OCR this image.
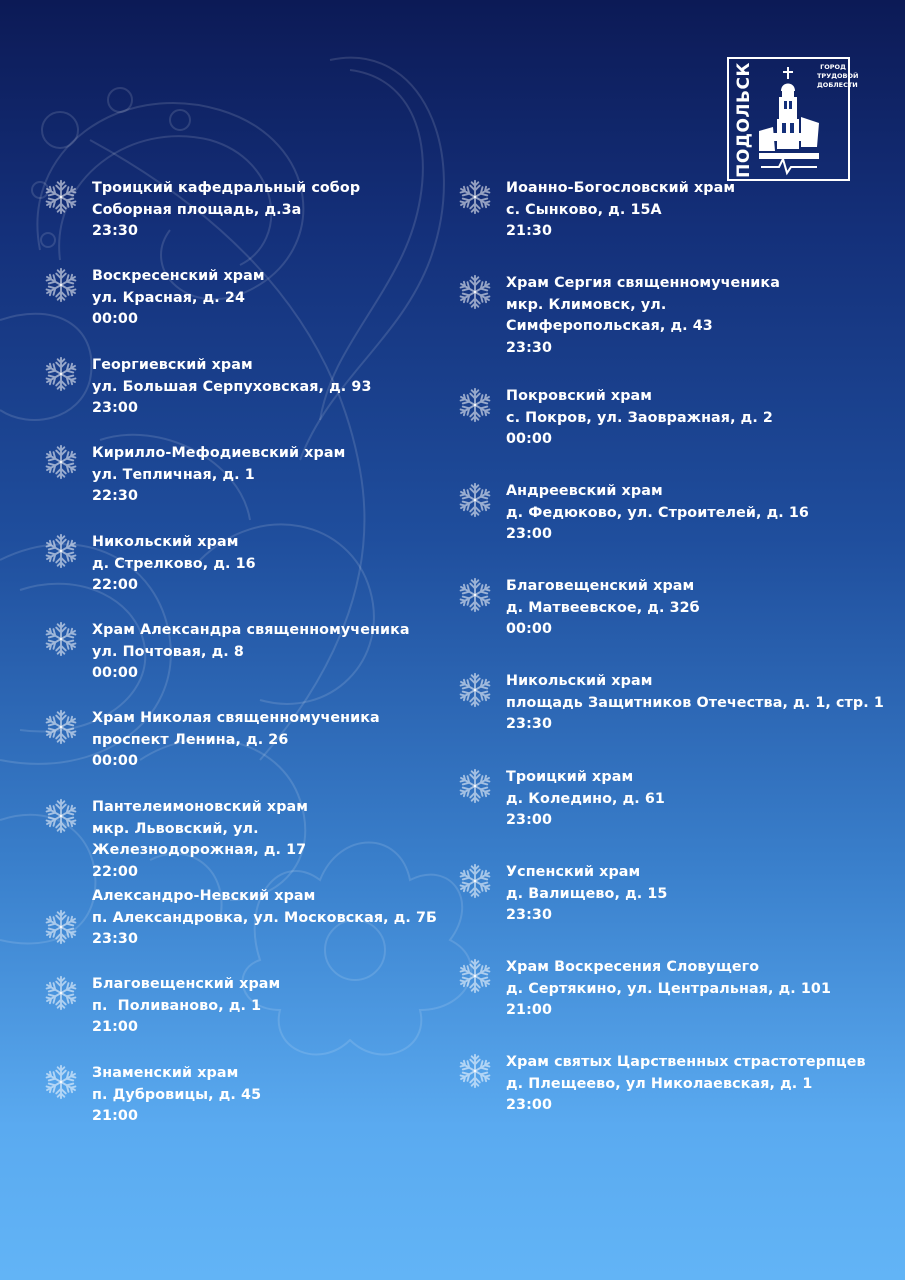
ПОДОЛЬСК	ГОРОД ТРУДОВОЙ ДОБЛЕСТИ
Троицкий кафедральный собор
Соборная площадь, д.3а
23:30
Воскресенский храм
ул. Красная, д. 24
00:00
Георгиевский храм
ул. Большая Серпуховская, д. 93
23:00
Кирилло-Мефодиевский храм
ул. Тепличная, д. 1
22:30
Никольский храм
д. Стрелково, д. 16
22:00
Храм Александра священномученика
ул. Почтовая, д. 8
00:00
Храм Николая священномученика
проспект Ленина, д. 26
00:00
Пантелеимоновский храм
мкр. Львовский, ул. Железнодорожная, д. 17
22:00
Александро-Невский храм
п. Александровка, ул. Московская, д. 7Б
23:30
Благовещенский храм
п.  Поливаново, д. 1
21:00
Знаменский храм
п. Дубровицы, д. 45
21:00
Иоанно-Богословский храм
с. Сынково, д. 15А
21:30
Храм Сергия священномученика
мкр. Климовск, ул. Симферопольская, д. 43
23:30
Покровский храм
с. Покров, ул. Заовражная, д. 2
00:00
Андреевский храм
д. Федюково, ул. Строителей, д. 16
23:00
Благовещенский храм
д. Матвеевское, д. 32б
00:00
Никольский храм
площадь Защитников Отечества, д. 1, стр. 1
23:30
Троицкий храм
д. Коледино, д. 61
23:00
Успенский храм
д. Валищево, д. 15
23:30
Храм Воскресения Словущего
д. Сертякино, ул. Центральная, д. 101
21:00
Храм святых Царственных страстотерпцев
д. Плещеево, ул Николаевская, д. 1
23:00
